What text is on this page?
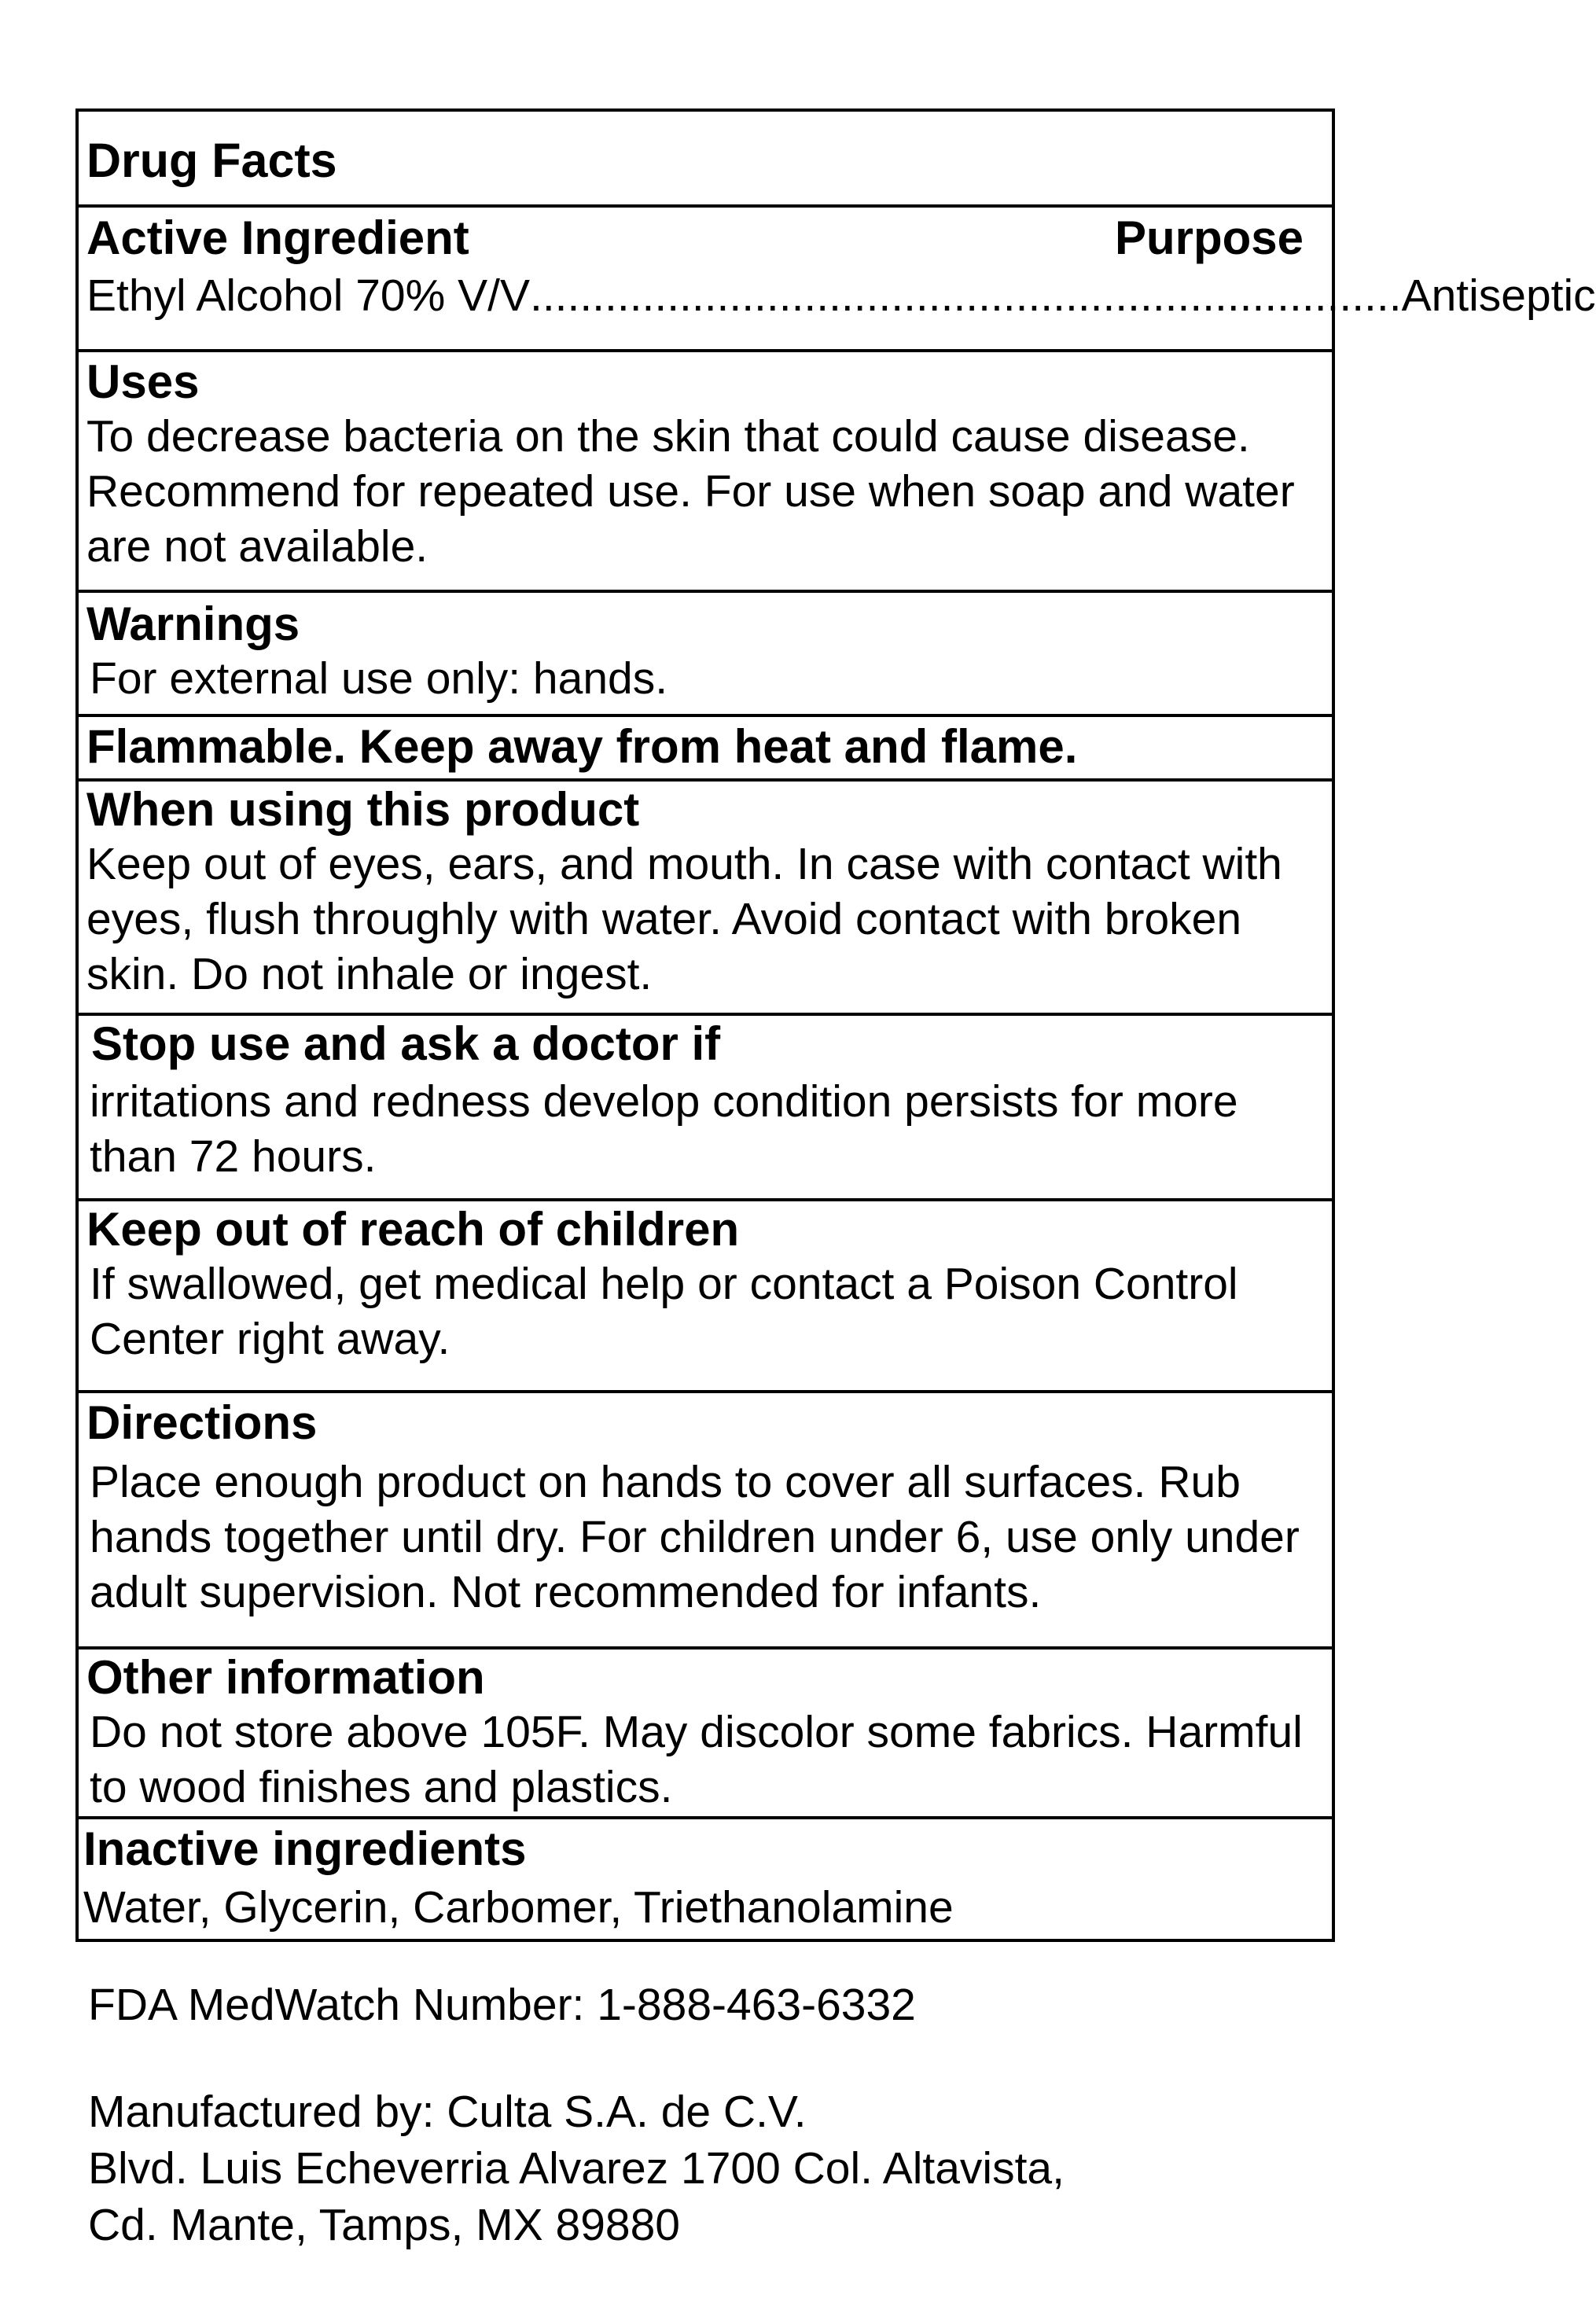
Drug Facts
Active Ingredient	Purpose
Ethyl Alcohol 70% V/V ...................................................................... Antiseptic
Uses
To decrease bacteria on the skin that could cause disease. Recommend for repeated use. For use when soap and water are not available.
Warnings
For external use only: hands.
Flammable. Keep away from heat and flame.
When using this product
Keep out of eyes, ears, and mouth. In case with contact with eyes, flush throughly with water. Avoid contact with broken skin. Do not inhale or ingest.
Stop use and ask a doctor if
irritations and redness develop condition persists for more than 72 hours.
Keep out of reach of children
If swallowed, get medical help or contact a Poison Control Center right away.
Directions
Place enough product on hands to cover all surfaces. Rub hands together until dry. For children under 6, use only under adult supervision. Not recommended for infants.
Other information
Do not store above 105F. May discolor some fabrics. Harmful to wood finishes and plastics.
Inactive ingredients
Water, Glycerin, Carbomer, Triethanolamine
FDA MedWatch Number: 1-888-463-6332
Manufactured by: Culta S.A. de C.V.
Blvd. Luis Echeverria Alvarez 1700 Col. Altavista,
Cd. Mante, Tamps, MX 89880
